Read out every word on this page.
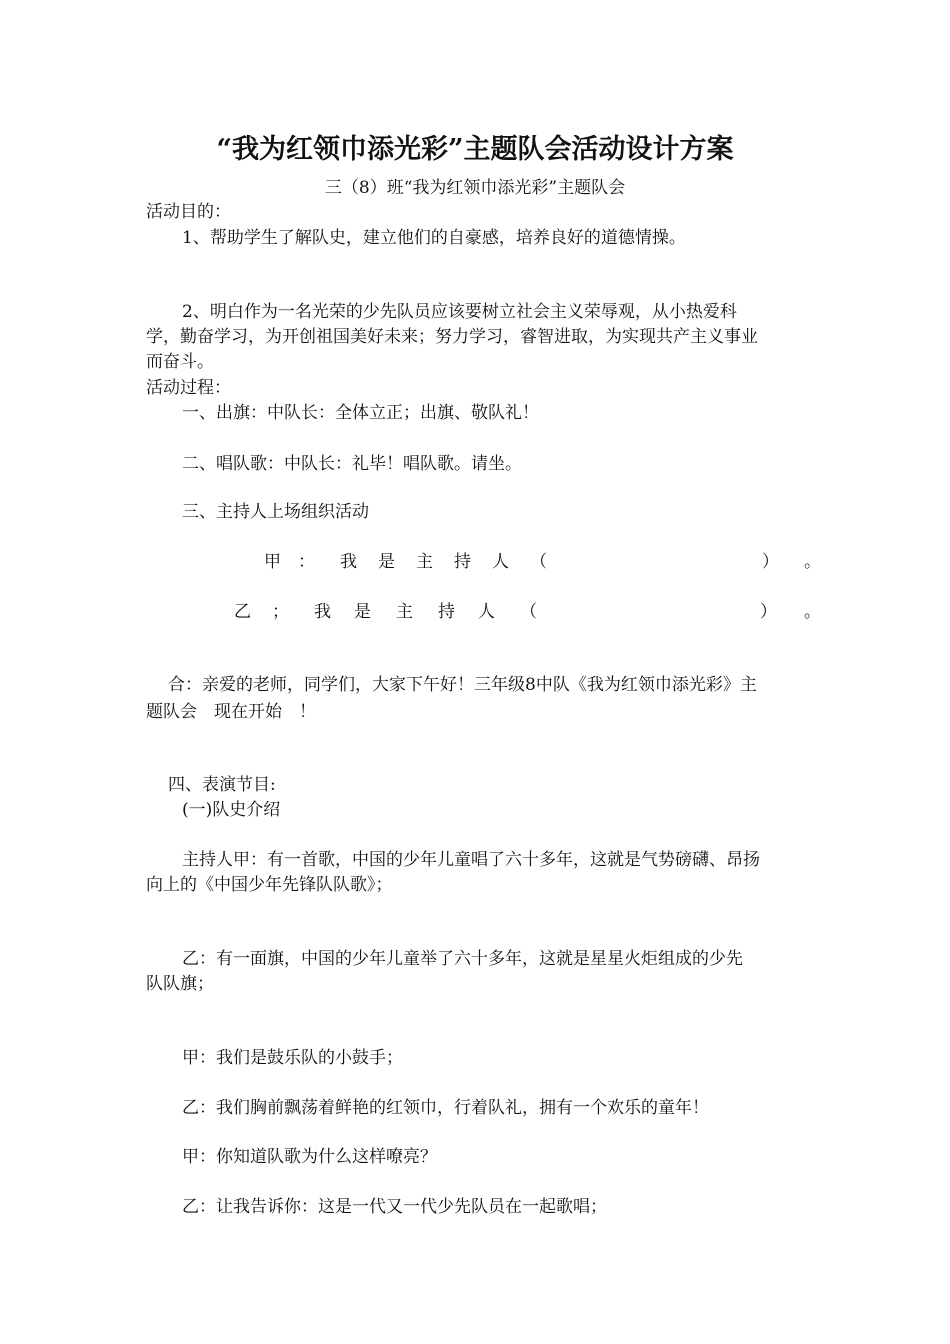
“我为红领巾添光彩”主题队会活动设计方案
三（8）班“我为红领巾添光彩”主题队会
活动目的：
1、帮助学生了解队史，建立他们的自豪感，培养良好的道德情操。
2、明白作为一名光荣的少先队员应该要树立社会主义荣辱观，从小热爱科
学，勤奋学习，为开创祖国美好未来；努力学习，睿智进取，为实现共产主义事业
而奋斗。
活动过程：
一、出旗：中队长：全体立正；出旗、敬队礼！
二、唱队歌：中队长：礼毕！唱队歌。请坐。
三、主持人上场组织活动
甲 ： 我 是 主 持 人 （	） 。
乙 ； 我 是 主 持 人 （	） 。
合：亲爱的老师，同学们，大家下午好！三年级8中队《我为红领巾添光彩》主
题队会　现在开始　！
四、表演节目:
(一)队史介绍
主持人甲：有一首歌，中国的少年儿童唱了六十多年，这就是气势磅礴、昂扬
向上的《中国少年先锋队队歌》；
乙：有一面旗，中国的少年儿童举了六十多年，这就是星星火炬组成的少先
队队旗；
甲：我们是鼓乐队的小鼓手；
乙：我们胸前飘荡着鲜艳的红领巾，行着队礼，拥有一个欢乐的童年！
甲：你知道队歌为什么这样嘹亮？
乙：让我告诉你：这是一代又一代少先队员在一起歌唱；
